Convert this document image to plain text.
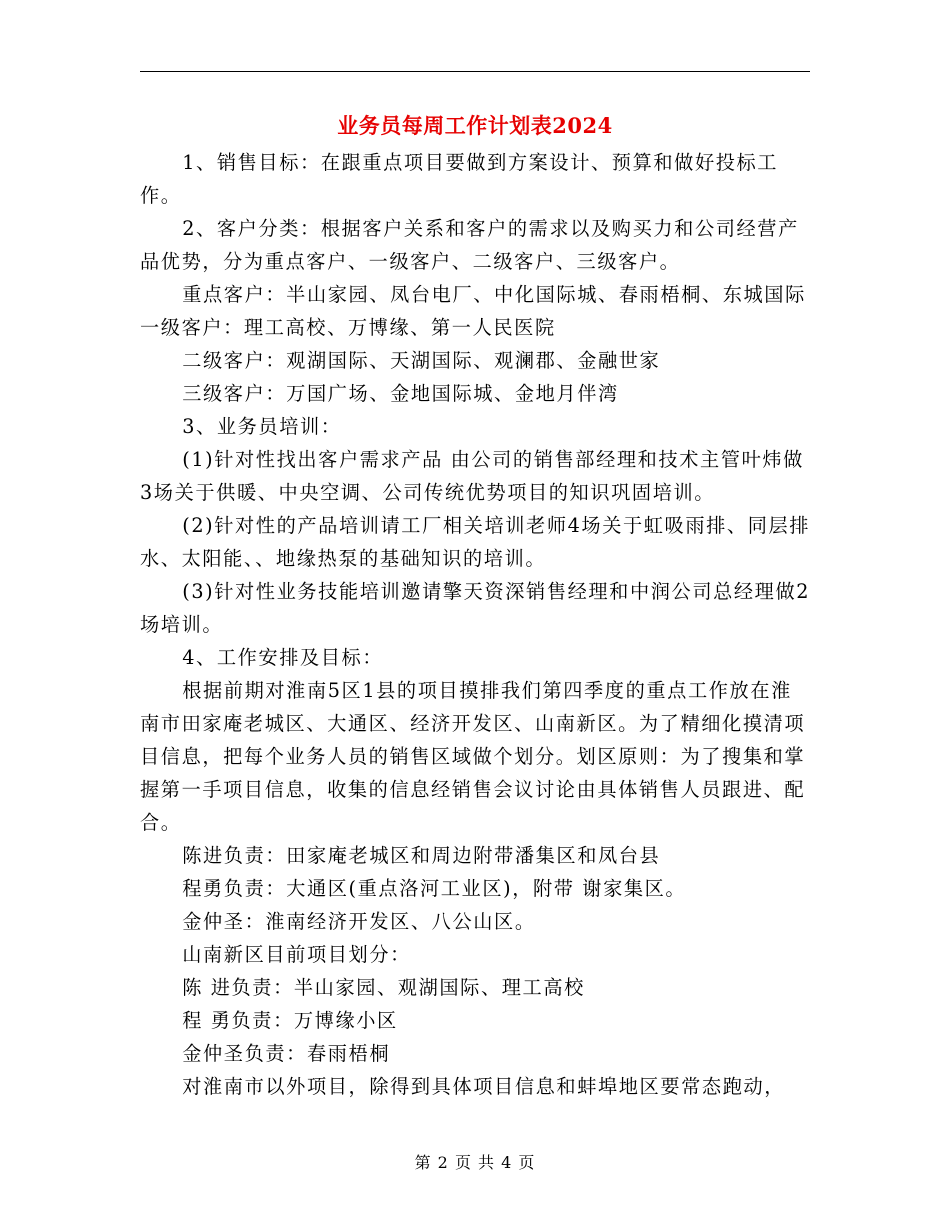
业务员每周工作计划表2024

1、销售目标：在跟重点项目要做到方案设计、预算和做好投标工作。

2、客户分类：根据客户关系和客户的需求以及购买力和公司经营产品优势，分为重点客户、一级客户、二级客户、三级客户。

重点客户：半山家园、凤台电厂、中化国际城、春雨梧桐、东城国际 一级客户：理工高校、万博缘、第一人民医院

二级客户：观湖国际、天湖国际、观澜郡、金融世家

三级客户：万国广场、金地国际城、金地月伴湾

3、业务员培训：

(1)针对性找出客户需求产品 由公司的销售部经理和技术主管叶炜做3场关于供暖、中央空调、公司传统优势项目的知识巩固培训。

(2)针对性的产品培训请工厂相关培训老师4场关于虹吸雨排、同层排水、太阳能、、地缘热泵的基础知识的培训。

(3)针对性业务技能培训邀请擎天资深销售经理和中润公司总经理做2场培训。

4、工作安排及目标：

根据前期对淮南5区1县的项目摸排我们第四季度的重点工作放在淮南市田家庵老城区、大通区、经济开发区、山南新区。为了精细化摸清项目信息，把每个业务人员的销售区域做个划分。划区原则：为了搜集和掌握第一手项目信息，收集的信息经销售会议讨论由具体销售人员跟进、配合。

陈进负责：田家庵老城区和周边附带潘集区和凤台县

程勇负责：大通区(重点洛河工业区)，附带 谢家集区。

金仲圣：淮南经济开发区、八公山区。

山南新区目前项目划分：

陈 进负责：半山家园、观湖国际、理工高校

程 勇负责：万博缘小区

金仲圣负责：春雨梧桐

对淮南市以外项目，除得到具体项目信息和蚌埠地区要常态跑动，

第 2 页 共 4 页
